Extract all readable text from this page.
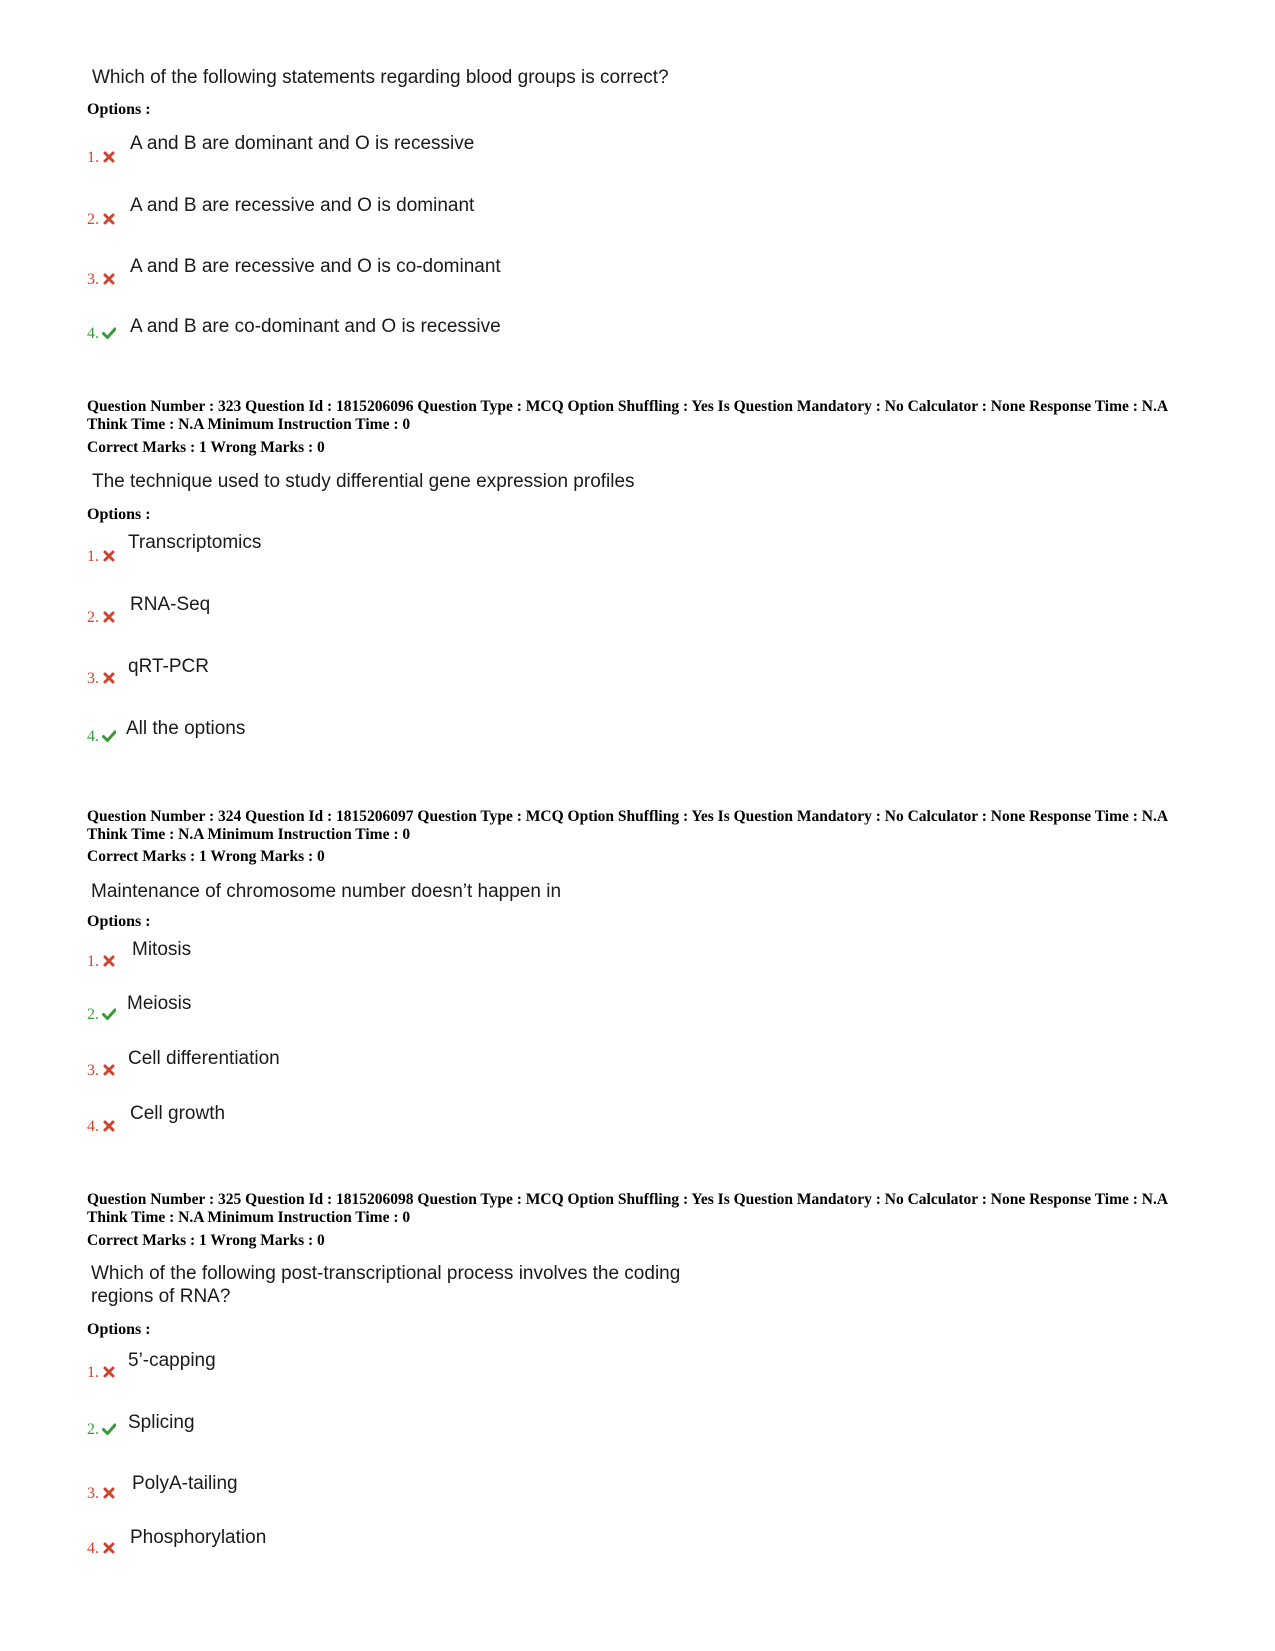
Which of the following statements regarding blood groups is correct?
Options :
1.
A and B are dominant and O is recessive
2.
A and B are recessive and O is dominant
3.
A and B are recessive and O is co-dominant
4.	A and B are co-dominant and O is recessive
Question Number : 323 Question Id : 1815206096 Question Type : MCQ Option Shuffling : Yes Is Question Mandatory : No Calculator : None Response Time : N.A Think Time : N.A Minimum Instruction Time : 0
Correct Marks : 1 Wrong Marks : 0
The technique used to study differential gene expression profiles
Options :
1.
Transcriptomics
2.
RNA-Seq
3.
qRT-PCR
4.	All the options
Question Number : 324 Question Id : 1815206097 Question Type : MCQ Option Shuffling : Yes Is Question Mandatory : No Calculator : None Response Time : N.A Think Time : N.A Minimum Instruction Time : 0
Correct Marks : 1 Wrong Marks : 0
Maintenance of chromosome number doesn’t happen in
Options :
1.
Mitosis
2.
Meiosis
3.
Cell differentiation
4.
Cell growth
Question Number : 325 Question Id : 1815206098 Question Type : MCQ Option Shuffling : Yes Is Question Mandatory : No Calculator : None Response Time : N.A Think Time : N.A Minimum Instruction Time : 0
Correct Marks : 1 Wrong Marks : 0
Which of the following post-transcriptional process involves the coding
regions of RNA?
Options :
1.
5’-capping
2.	Splicing
3.	PolyA-tailing
4.
Phosphorylation
